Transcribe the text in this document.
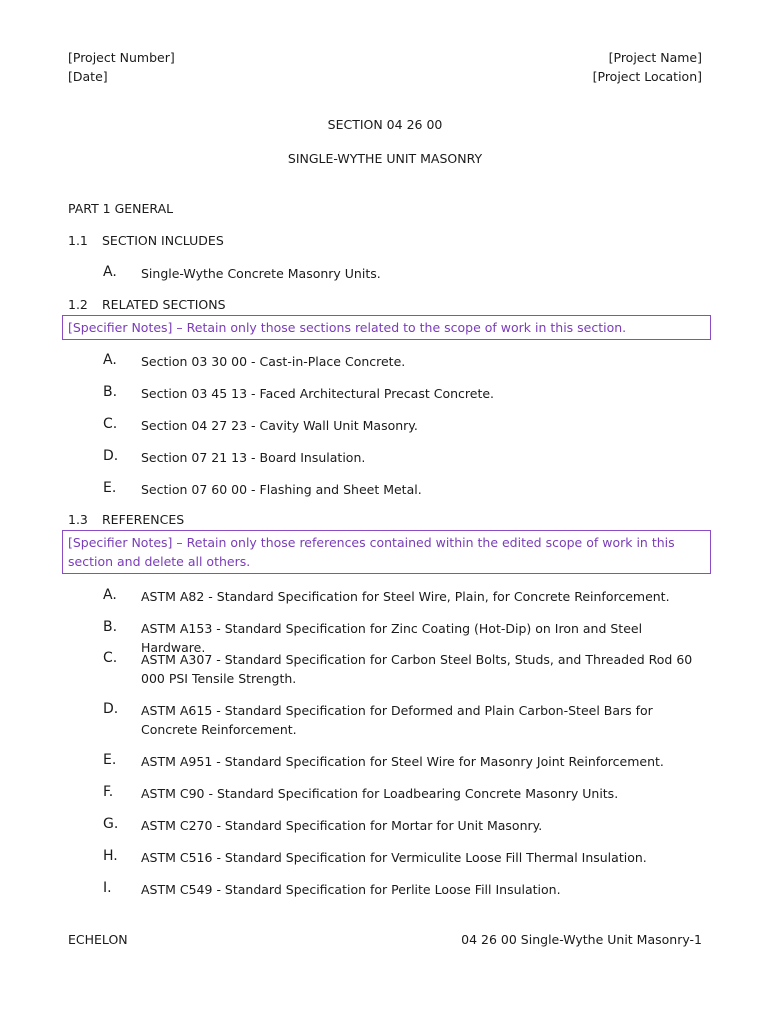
[Project Number]
[Date]
[Project Name]
[Project Location]
SECTION 04 26 00
SINGLE-WYTHE UNIT MASONRY
PART 1 GENERAL
1.1 SECTION INCLUDES
A. Single-Wythe Concrete Masonry Units.
1.2 RELATED SECTIONS
[Specifier Notes] – Retain only those sections related to the scope of work in this section.
A. Section 03 30 00 - Cast-in-Place Concrete.
B. Section 03 45 13 - Faced Architectural Precast Concrete.
C. Section 04 27 23 - Cavity Wall Unit Masonry.
D. Section 07 21 13 - Board Insulation.
E. Section 07 60 00 - Flashing and Sheet Metal.
1.3 REFERENCES
[Specifier Notes] – Retain only those references contained within the edited scope of work in this section and delete all others.
A. ASTM A82 - Standard Specification for Steel Wire, Plain, for Concrete Reinforcement.
B. ASTM A153 - Standard Specification for Zinc Coating (Hot-Dip) on Iron and Steel Hardware.
C. ASTM A307 - Standard Specification for Carbon Steel Bolts, Studs, and Threaded Rod 60 000 PSI Tensile Strength.
D. ASTM A615 - Standard Specification for Deformed and Plain Carbon-Steel Bars for Concrete Reinforcement.
E. ASTM A951 - Standard Specification for Steel Wire for Masonry Joint Reinforcement.
F. ASTM C90 - Standard Specification for Loadbearing Concrete Masonry Units.
G. ASTM C270 - Standard Specification for Mortar for Unit Masonry.
H. ASTM C516 - Standard Specification for Vermiculite Loose Fill Thermal Insulation.
I. ASTM C549 - Standard Specification for Perlite Loose Fill Insulation.
ECHELON	04 26 00 Single-Wythe Unit Masonry-1
